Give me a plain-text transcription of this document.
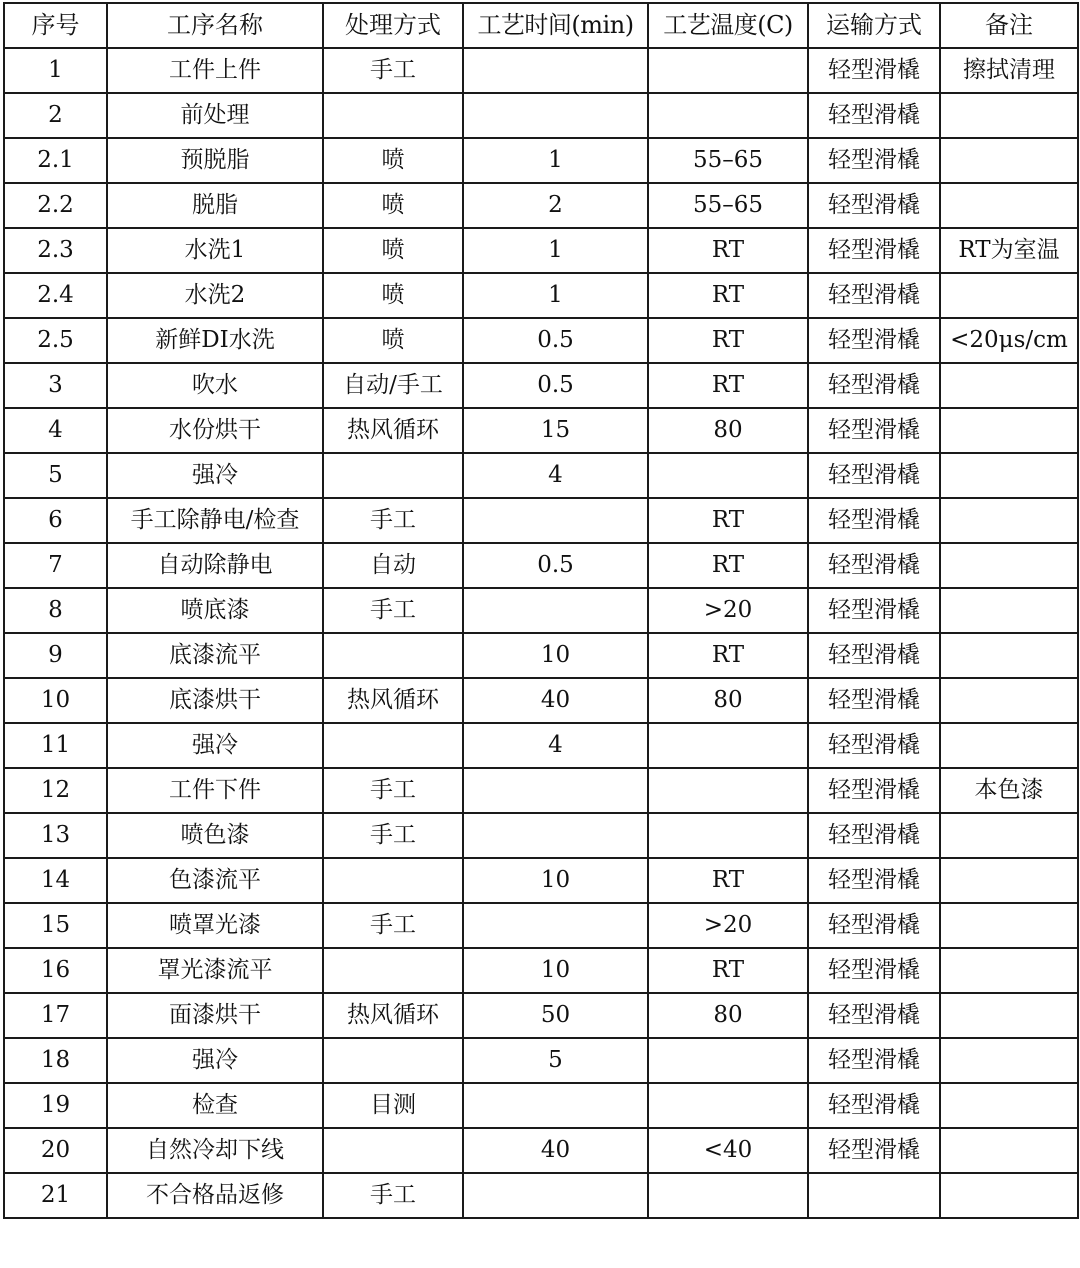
序号	工序名称	处理方式	工艺时间(min)	工艺温度(C)	运输方式	备注
1	工件上件	手工			轻型滑橇	擦拭清理
2	前处理				轻型滑橇	
2.1	预脱脂	喷	1	55–65	轻型滑橇	
2.2	脱脂	喷	2	55–65	轻型滑橇	
2.3	水洗1	喷	1	RT	轻型滑橇	RT为室温
2.4	水洗2	喷	1	RT	轻型滑橇	
2.5	新鲜DI水洗	喷	0.5	RT	轻型滑橇	<20μs/cm
3	吹水	自动/手工	0.5	RT	轻型滑橇	
4	水份烘干	热风循环	15	80	轻型滑橇	
5	强冷		4		轻型滑橇	
6	手工除静电/检查	手工		RT	轻型滑橇	
7	自动除静电	自动	0.5	RT	轻型滑橇	
8	喷底漆	手工		>20	轻型滑橇	
9	底漆流平		10	RT	轻型滑橇	
10	底漆烘干	热风循环	40	80	轻型滑橇	
11	强冷		4		轻型滑橇	
12	工件下件	手工			轻型滑橇	本色漆
13	喷色漆	手工			轻型滑橇	
14	色漆流平		10	RT	轻型滑橇	
15	喷罩光漆	手工		>20	轻型滑橇	
16	罩光漆流平		10	RT	轻型滑橇	
17	面漆烘干	热风循环	50	80	轻型滑橇	
18	强冷		5		轻型滑橇	
19	检查	目测			轻型滑橇	
20	自然冷却下线		40	<40	轻型滑橇	
21	不合格品返修	手工				
